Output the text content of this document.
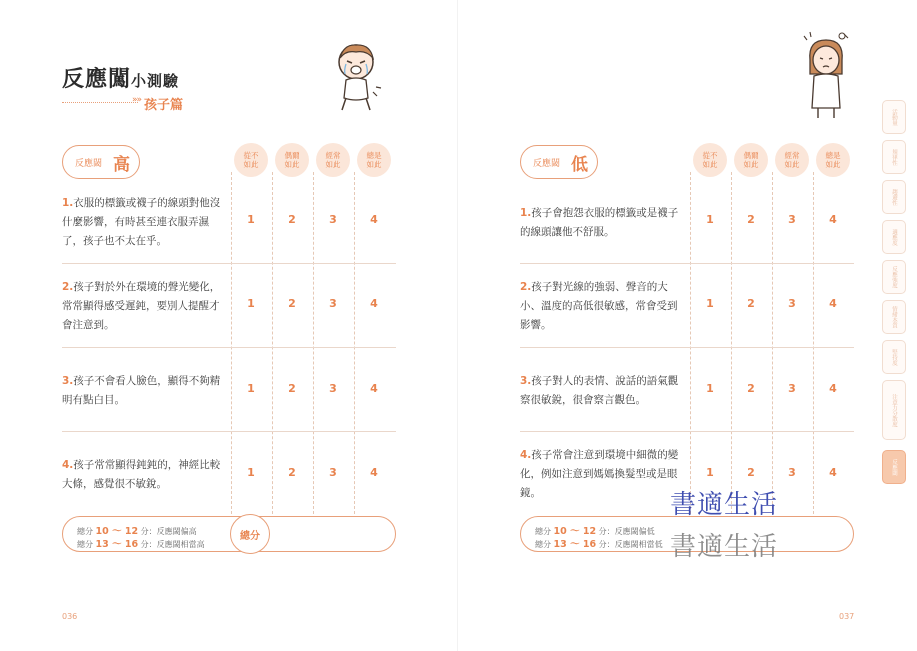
反應闖小測驗
»» 孩子篇
反應閾 高	從不
如此
偶爾
如此
經常
如此
總是
如此
1.衣服的標籤或襪子的線頭對他沒什麼影響，有時甚至連衣服弄濕了，孩子也不太在乎。
1	2	3	4
2.孩子對於外在環境的聲光變化，常常顯得感受遲鈍，要別人提醒才會注意到。
1	2	3	4
3.孩子不會看人臉色，顯得不夠精明有點白目。
1	2	3	4
4.孩子常常顯得鈍鈍的，神經比較大條，感覺很不敏銳。
1	2	3	4
總分 10 ～ 12 分：反應閾偏高
總分 13 ～ 16 分：反應閾相當高
總分
036
反應閾 低	從不
如此
偶爾
如此
經常
如此
總是
如此
1.孩子會抱怨衣服的標籤或是襪子的線頭讓他不舒服。
1	2	3	4
2.孩子對光線的強弱、聲音的大小、溫度的高低很敏感，常會受到影響。
1	2	3	4
3.孩子對人的表情、說話的語氣觀察很敏銳，很會察言觀色。
1	2	3	4
4.孩子常會注意到環境中細微的變化，例如注意到媽媽換髮型或是眼鏡。
1	2	3	4
總分 10 ～ 12 分：反應閾偏低
總分 13 ～ 16 分：反應閾相當低
037
活動量
規律性
趨避性
適應度
反應強度
情緒本質
堅持度
注意力分散度
反應閾
書適生活
書適生活
